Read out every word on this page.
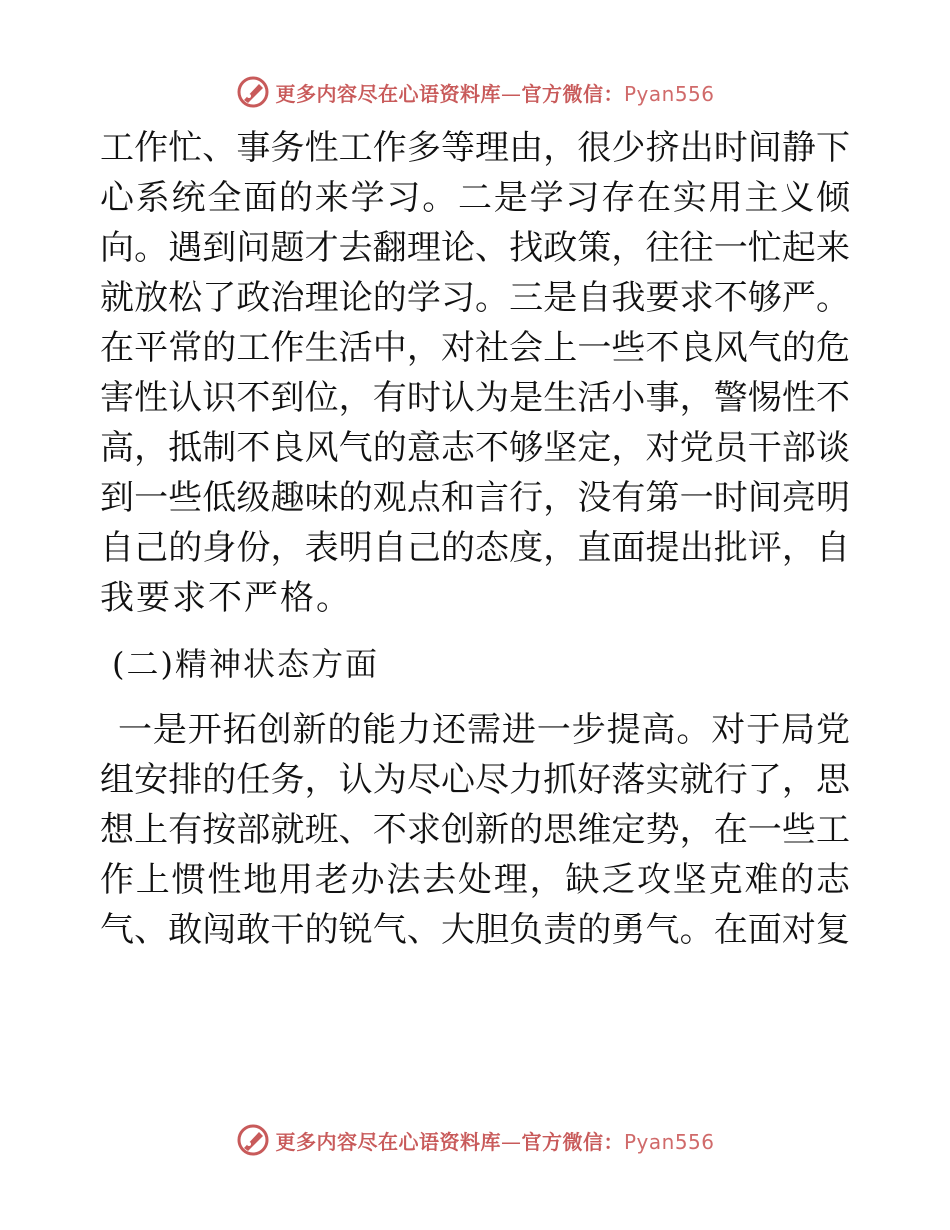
更多内容尽在心语资料库—官方微信：Pyan556
工作忙、事务性工作多等理由，很少挤出时间静下
心系统全面的来学习。二是学习存在实用主义倾
向。遇到问题才去翻理论、找政策，往往一忙起来
就放松了政治理论的学习。三是自我要求不够严。
在平常的工作生活中，对社会上一些不良风气的危
害性认识不到位，有时认为是生活小事，警惕性不
高，抵制不良风气的意志不够坚定，对党员干部谈
到一些低级趣味的观点和言行，没有第一时间亮明
自己的身份，表明自己的态度，直面提出批评，自
我要求不严格。
(二)精神状态方面
一是开拓创新的能力还需进一步提高。对于局党
组安排的任务，认为尽心尽力抓好落实就行了，思
想上有按部就班、不求创新的思维定势，在一些工
作上惯性地用老办法去处理，缺乏攻坚克难的志
气、敢闯敢干的锐气、大胆负责的勇气。在面对复
更多内容尽在心语资料库—官方微信：Pyan556
